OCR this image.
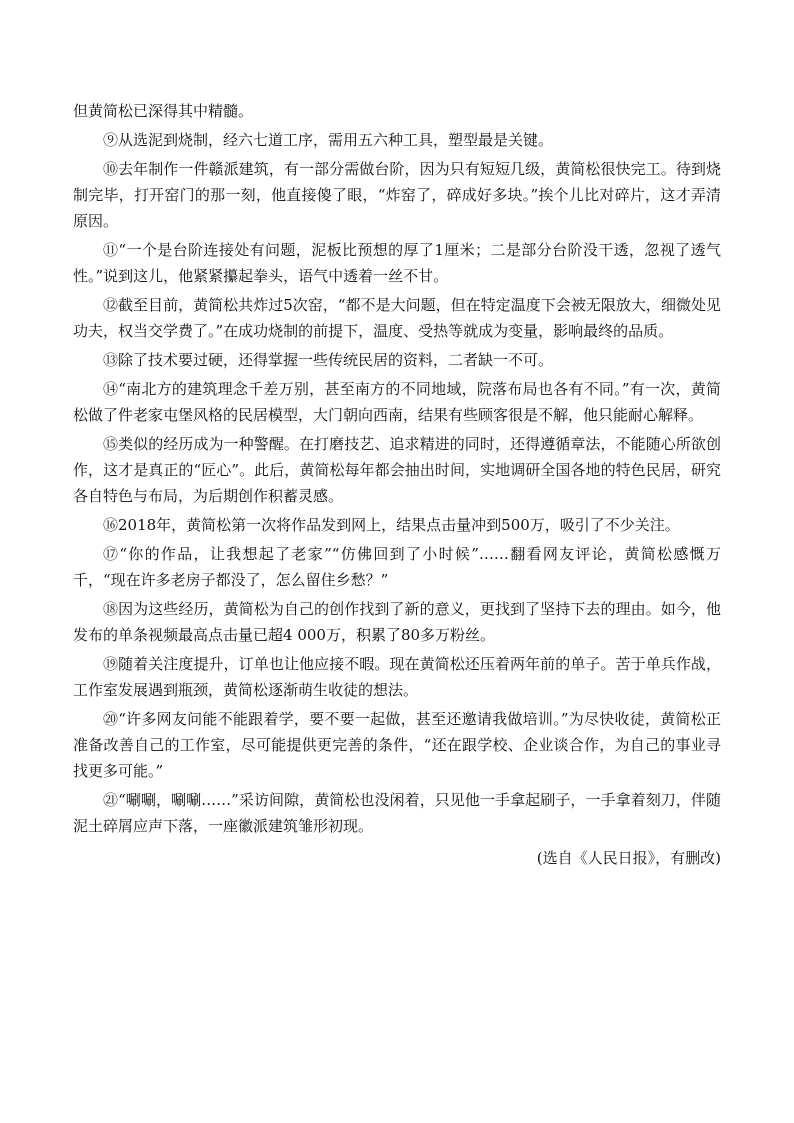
但黄简松已深得其中精髓。

⑨从选泥到烧制，经六七道工序，需用五六种工具，塑型最是关键。

⑩去年制作一件赣派建筑，有一部分需做台阶，因为只有短短几级，黄简松很快完工。待到烧制完毕，打开窑门的那一刻，他直接傻了眼，“炸窑了，碎成好多块。”挨个儿比对碎片，这才弄清原因。

⑪“一个是台阶连接处有问题，泥板比预想的厚了1厘米；二是部分台阶没干透，忽视了透气性。”说到这儿，他紧紧攥起拳头，语气中透着一丝不甘。

⑫截至目前，黄简松共炸过5次窑，“都不是大问题，但在特定温度下会被无限放大，细微处见功夫，权当交学费了。”在成功烧制的前提下，温度、受热等就成为变量，影响最终的品质。

⑬除了技术要过硬，还得掌握一些传统民居的资料，二者缺一不可。

⑭“南北方的建筑理念千差万别，甚至南方的不同地域，院落布局也各有不同。”有一次，黄简松做了件老家屯堡风格的民居模型，大门朝向西南，结果有些顾客很是不解，他只能耐心解释。

⑮类似的经历成为一种警醒。在打磨技艺、追求精进的同时，还得遵循章法，不能随心所欲创作，这才是真正的“匠心”。此后，黄简松每年都会抽出时间，实地调研全国各地的特色民居，研究各自特色与布局，为后期创作积蓄灵感。

⑯2018年，黄简松第一次将作品发到网上，结果点击量冲到500万，吸引了不少关注。

⑰“你的作品，让我想起了老家”“仿佛回到了小时候”……翻看网友评论，黄简松感慨万千，“现在许多老房子都没了，怎么留住乡愁？”

⑱因为这些经历，黄简松为自己的创作找到了新的意义，更找到了坚持下去的理由。如今，他发布的单条视频最高点击量已超4 000万，积累了80多万粉丝。

⑲随着关注度提升，订单也让他应接不暇。现在黄简松还压着两年前的单子。苦于单兵作战，工作室发展遇到瓶颈，黄简松逐渐萌生收徒的想法。

⑳“许多网友问能不能跟着学，要不要一起做，甚至还邀请我做培训。”为尽快收徒，黄简松正准备改善自己的工作室，尽可能提供更完善的条件，“还在跟学校、企业谈合作，为自己的事业寻找更多可能。”

㉑“唰唰，唰唰……”采访间隙，黄简松也没闲着，只见他一手拿起刷子，一手拿着刻刀，伴随泥土碎屑应声下落，一座徽派建筑雏形初现。

(选自《人民日报》，有删改)
